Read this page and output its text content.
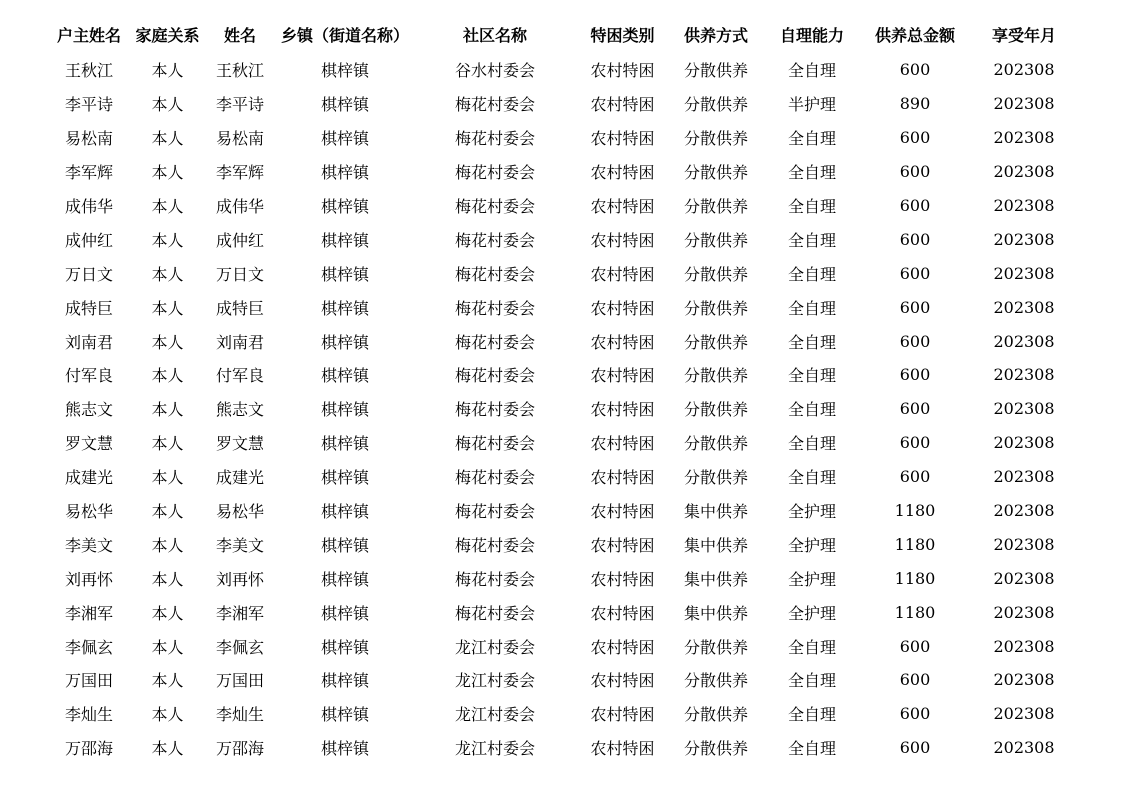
户主姓名	家庭关系	姓名	乡镇（街道名称）	社区名称	特困类别	供养方式	自理能力	供养总金额	享受年月
王秋江	本人	王秋江	棋梓镇	谷水村委会	农村特困	分散供养	全自理	600	202308
李平诗	本人	李平诗	棋梓镇	梅花村委会	农村特困	分散供养	半护理	890	202308
易松南	本人	易松南	棋梓镇	梅花村委会	农村特困	分散供养	全自理	600	202308
李军辉	本人	李军辉	棋梓镇	梅花村委会	农村特困	分散供养	全自理	600	202308
成伟华	本人	成伟华	棋梓镇	梅花村委会	农村特困	分散供养	全自理	600	202308
成仲红	本人	成仲红	棋梓镇	梅花村委会	农村特困	分散供养	全自理	600	202308
万日文	本人	万日文	棋梓镇	梅花村委会	农村特困	分散供养	全自理	600	202308
成特巨	本人	成特巨	棋梓镇	梅花村委会	农村特困	分散供养	全自理	600	202308
刘南君	本人	刘南君	棋梓镇	梅花村委会	农村特困	分散供养	全自理	600	202308
付军良	本人	付军良	棋梓镇	梅花村委会	农村特困	分散供养	全自理	600	202308
熊志文	本人	熊志文	棋梓镇	梅花村委会	农村特困	分散供养	全自理	600	202308
罗文慧	本人	罗文慧	棋梓镇	梅花村委会	农村特困	分散供养	全自理	600	202308
成建光	本人	成建光	棋梓镇	梅花村委会	农村特困	分散供养	全自理	600	202308
易松华	本人	易松华	棋梓镇	梅花村委会	农村特困	集中供养	全护理	1180	202308
李美文	本人	李美文	棋梓镇	梅花村委会	农村特困	集中供养	全护理	1180	202308
刘再怀	本人	刘再怀	棋梓镇	梅花村委会	农村特困	集中供养	全护理	1180	202308
李湘军	本人	李湘军	棋梓镇	梅花村委会	农村特困	集中供养	全护理	1180	202308
李佩玄	本人	李佩玄	棋梓镇	龙江村委会	农村特困	分散供养	全自理	600	202308
万国田	本人	万国田	棋梓镇	龙江村委会	农村特困	分散供养	全自理	600	202308
李灿生	本人	李灿生	棋梓镇	龙江村委会	农村特困	分散供养	全自理	600	202308
万邵海	本人	万邵海	棋梓镇	龙江村委会	农村特困	分散供养	全自理	600	202308
